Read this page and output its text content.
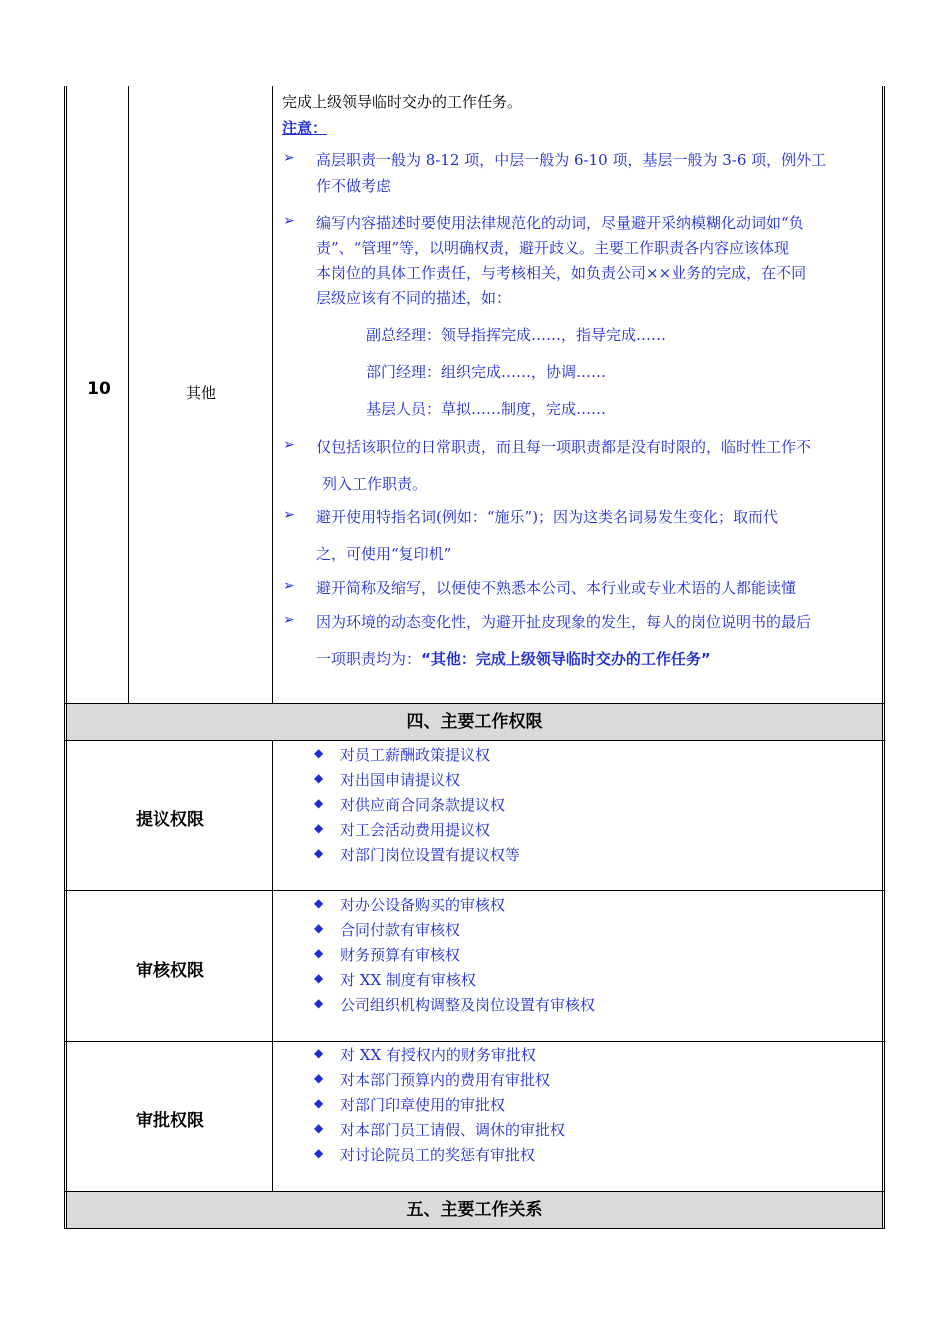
10	其他
完成上级领导临时交办的工作任务。
注意：
➢ 高层职责一般为 8-12 项，中层一般为 6-10 项，基层一般为 3-6 项，例外工
作不做考虑
➢ 编写内容描述时要使用法律规范化的动词，尽量避开采纳模糊化动词如“负
责”、“管理”等，以明确权责，避开歧义。主要工作职责各内容应该体现
本岗位的具体工作责任，与考核相关，如负责公司××业务的完成，在不同
层级应该有不同的描述，如：
副总经理：领导指挥完成……，指导完成……
部门经理：组织完成……，协调……
基层人员：草拟……制度，完成……
➢ 仅包括该职位的日常职责，而且每一项职责都是没有时限的，临时性工作不
列入工作职责。
➢ 避开使用特指名词(例如：“施乐”)；因为这类名词易发生变化；取而代
之，可使用“复印机”
➢ 避开简称及缩写，以便使不熟悉本公司、本行业或专业术语的人都能读懂
➢ 因为环境的动态变化性，为避开扯皮现象的发生，每人的岗位说明书的最后
一项职责均为：“其他：完成上级领导临时交办的工作任务”
四、主要工作权限
提议权限
◆ 对员工薪酬政策提议权
◆ 对出国申请提议权
◆ 对供应商合同条款提议权
◆ 对工会活动费用提议权
◆ 对部门岗位设置有提议权等
审核权限
◆ 对办公设备购买的审核权
◆ 合同付款有审核权
◆ 财务预算有审核权
◆ 对 XX 制度有审核权
◆ 公司组织机构调整及岗位设置有审核权
审批权限
◆ 对 XX 有授权内的财务审批权
◆ 对本部门预算内的费用有审批权
◆ 对部门印章使用的审批权
◆ 对本部门员工请假、调休的审批权
◆ 对讨论院员工的奖惩有审批权
五、主要工作关系
